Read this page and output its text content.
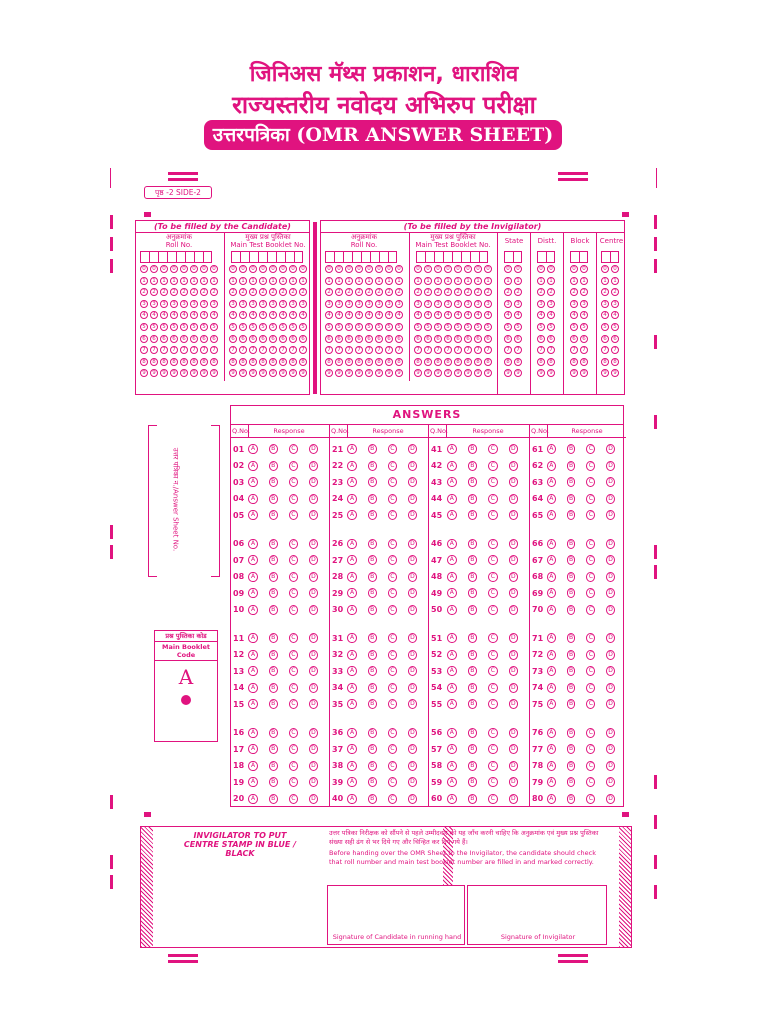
जिनिअस मॅथ्स प्रकाशन, धाराशिव
राज्यस्तरीय नवोदय अभिरुप परीक्षा
उत्तरपत्रिका (OMR ANSWER SHEET)
पृष्ठ -2 SIDE-2
(To be filled by the Candidate)
अनुक्रमांक
Roll No.
0	0	0	0	0	0	0	0
1	1	1	1	1	1	1	1
2	2	2	2	2	2	2	2
3	3	3	3	3	3	3	3
4	4	4	4	4	4	4	4
5	5	5	5	5	5	5	5
6	6	6	6	6	6	6	6
7	7	7	7	7	7	7	7
8	8	8	8	8	8	8	8
9	9	9	9	9	9	9	9
मुख्य प्रश्न पुस्तिका
Main Test Booklet No.
0	0	0	0	0	0	0	0
1	1	1	1	1	1	1	1
2	2	2	2	2	2	2	2
3	3	3	3	3	3	3	3
4	4	4	4	4	4	4	4
5	5	5	5	5	5	5	5
6	6	6	6	6	6	6	6
7	7	7	7	7	7	7	7
8	8	8	8	8	8	8	8
9	9	9	9	9	9	9	9
(To be filled by the Invigilator)
अनुक्रमांक
Roll No.
0	0	0	0	0	0	0	0
1	1	1	1	1	1	1	1
2	2	2	2	2	2	2	2
3	3	3	3	3	3	3	3
4	4	4	4	4	4	4	4
5	5	5	5	5	5	5	5
6	6	6	6	6	6	6	6
7	7	7	7	7	7	7	7
8	8	8	8	8	8	8	8
9	9	9	9	9	9	9	9
मुख्य प्रश्न पुस्तिका
Main Test Booklet No.
0	0	0	0	0	0	0	0
1	1	1	1	1	1	1	1
2	2	2	2	2	2	2	2
3	3	3	3	3	3	3	3
4	4	4	4	4	4	4	4
5	5	5	5	5	5	5	5
6	6	6	6	6	6	6	6
7	7	7	7	7	7	7	7
8	8	8	8	8	8	8	8
9	9	9	9	9	9	9	9
State
0	0
1	1
2	2
3	3
4	4
5	5
6	6
7	7
8	8
9	9
Distt.
0	0
1	1
2	2
3	3
4	4
5	5
6	6
7	7
8	8
9	9
Block
0	0
1	1
2	2
3	3
4	4
5	5
6	6
7	7
8	8
9	9
Centre
0	0
1	1
2	2
3	3
4	4
5	5
6	6
7	7
8	8
9	9
उत्तर पत्रिका न./Answer Sheet No.
प्रश्न पुस्तिका कोड
Main Booklet Code
A
ANSWERS
Q.No.	Response
01	A	B	C	D
02	A	B	C	D
03	A	B	C	D
04	A	B	C	D
05	A	B	C	D
06	A	B	C	D
07	A	B	C	D
08	A	B	C	D
09	A	B	C	D
10	A	B	C	D
11	A	B	C	D
12	A	B	C	D
13	A	B	C	D
14	A	B	C	D
15	A	B	C	D
16	A	B	C	D
17	A	B	C	D
18	A	B	C	D
19	A	B	C	D
20	A	B	C	D
Q.No.	Response
21	A	B	C	D
22	A	B	C	D
23	A	B	C	D
24	A	B	C	D
25	A	B	C	D
26	A	B	C	D
27	A	B	C	D
28	A	B	C	D
29	A	B	C	D
30	A	B	C	D
31	A	B	C	D
32	A	B	C	D
33	A	B	C	D
34	A	B	C	D
35	A	B	C	D
36	A	B	C	D
37	A	B	C	D
38	A	B	C	D
39	A	B	C	D
40	A	B	C	D
Q.No.	Response
41	A	B	C	D
42	A	B	C	D
43	A	B	C	D
44	A	B	C	D
45	A	B	C	D
46	A	B	C	D
47	A	B	C	D
48	A	B	C	D
49	A	B	C	D
50	A	B	C	D
51	A	B	C	D
52	A	B	C	D
53	A	B	C	D
54	A	B	C	D
55	A	B	C	D
56	A	B	C	D
57	A	B	C	D
58	A	B	C	D
59	A	B	C	D
60	A	B	C	D
Q.No.	Response
61	A	B	C	D
62	A	B	C	D
63	A	B	C	D
64	A	B	C	D
65	A	B	C	D
66	A	B	C	D
67	A	B	C	D
68	A	B	C	D
69	A	B	C	D
70	A	B	C	D
71	A	B	C	D
72	A	B	C	D
73	A	B	C	D
74	A	B	C	D
75	A	B	C	D
76	A	B	C	D
77	A	B	C	D
78	A	B	C	D
79	A	B	C	D
80	A	B	C	D
INVIGILATOR TO PUT CENTRE STAMP IN BLUE / BLACK
उत्तर पत्रिका निरीक्षक को सौंपने से पहले उम्मीदवार को यह जाँच करनी चाहिए कि अनुक्रमांक एवं मुख्य प्रश्न पुस्तिका संख्या सही ढंग से भर दिये गए और चिन्हित कर दिये गये हैं।
Before handing over the OMR Sheet to the Invigilator, the candidate should check that roll number and main test booklet number are filled in and marked correctly.
Signature of Candidate in running hand	Signature of Invigilator
